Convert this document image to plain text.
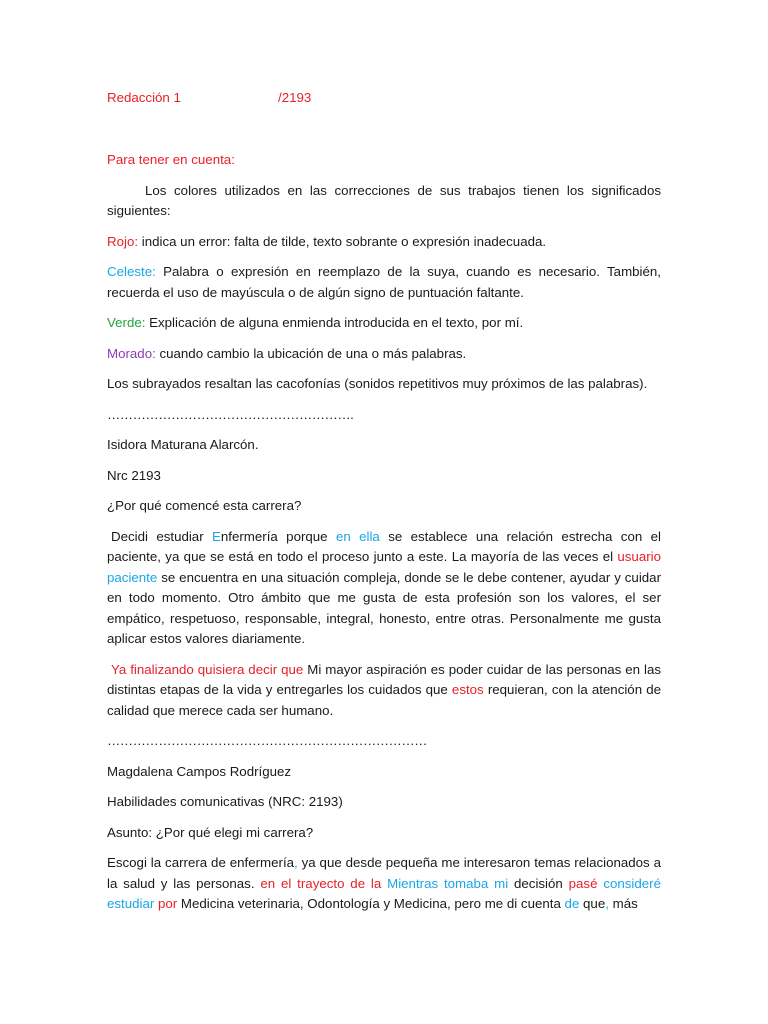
Redacción 1	/2193

Para tener en cuenta:

Los colores utilizados en las correcciones de sus trabajos tienen los significados siguientes:

Rojo: indica un error: falta de tilde, texto sobrante o expresión inadecuada.

Celeste: Palabra o expresión en reemplazo de la suya, cuando es necesario. También, recuerda el uso de mayúscula o de algún signo de puntuación faltante.

Verde: Explicación de alguna enmienda introducida en el texto, por mí.

Morado: cuando cambio la ubicación de una o más palabras.

Los subrayados resaltan las cacofonías (sonidos repetitivos muy próximos de las palabras).

………………………………………………….

Isidora Maturana Alarcón.

Nrc 2193

¿Por qué comencé esta carrera?

Decidi estudiar Enfermería porque en ella se establece una relación estrecha con el paciente, ya que se está en todo el proceso junto a este. La mayoría de las veces el usuario paciente se encuentra en una situación compleja, donde se le debe contener, ayudar y cuidar en todo momento. Otro ámbito que me gusta de esta profesión son los valores, el ser empático, respetuoso, responsable, integral, honesto, entre otras. Personalmente me gusta aplicar estos valores diariamente.

Ya finalizando quisiera decir que Mi mayor aspiración es poder cuidar de las personas en las distintas etapas de la vida y entregarles los cuidados que estos requieran, con la atención de calidad que merece cada ser humano.

…………………………………………………………………

Magdalena Campos Rodríguez

Habilidades comunicativas (NRC: 2193)

Asunto: ¿Por qué elegi mi carrera?

Escogi la carrera de enfermería, ya que desde pequeña me interesaron temas relacionados a la salud y las personas. en el trayecto de la Mientras tomaba mi decisión pasé consideré estudiar por Medicina veterinaria, Odontología y Medicina, pero me di cuenta de que, más
